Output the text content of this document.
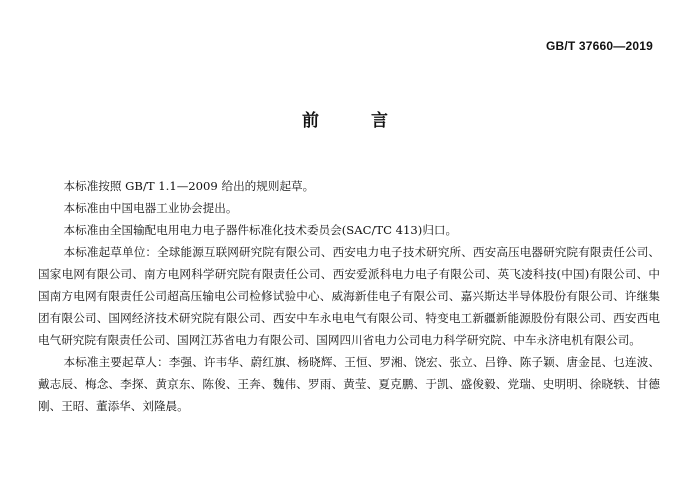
GB/T 37660—2019
前 言

本标准按照 GB/T 1.1—2009 给出的规则起草。

本标准由中国电器工业协会提出。

本标准由全国输配电用电力电子器件标准化技术委员会(SAC/TC 413)归口。

本标准起草单位：全球能源互联网研究院有限公司、西安电力电子技术研究所、西安高压电器研究院有限责任公司、国家电网有限公司、南方电网科学研究院有限责任公司、西安爱派科电力电子有限公司、英飞凌科技(中国)有限公司、中国南方电网有限责任公司超高压输电公司检修试验中心、威海新佳电子有限公司、嘉兴斯达半导体股份有限公司、许继集团有限公司、国网经济技术研究院有限公司、西安中车永电电气有限公司、特变电工新疆新能源股份有限公司、西安西电电气研究院有限责任公司、国网江苏省电力有限公司、国网四川省电力公司电力科学研究院、中车永济电机有限公司。

本标准主要起草人：李强、许韦华、蔚红旗、杨晓辉、王恒、罗湘、饶宏、张立、吕铮、陈子颖、唐金昆、乜连波、戴志辰、梅念、李探、黄京东、陈俊、王奔、魏伟、罗雨、黄莹、夏克鹏、于凯、盛俊毅、党瑞、史明明、徐晓轶、甘德刚、王昭、董添华、刘隆晨。
